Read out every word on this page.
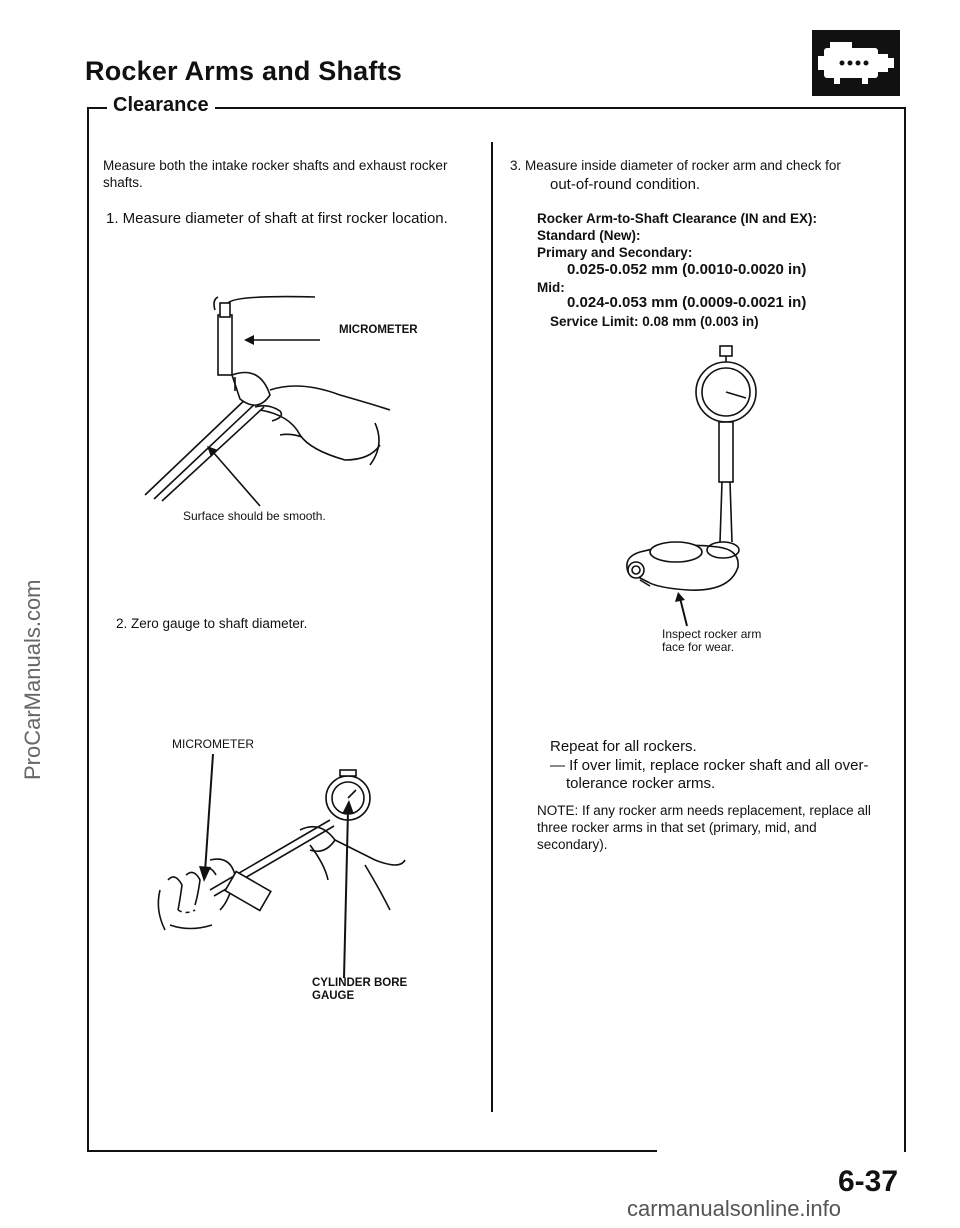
Rocker Arms and Shafts
Clearance
Measure both the intake rocker shafts and exhaust rocker shafts.
1. Measure diameter of shaft at first rocker location.
MICROMETER
Surface should be smooth.
2. Zero gauge to shaft diameter.
MICROMETER
CYLINDER BORE
GAUGE
3. Measure inside diameter of rocker arm and check for
out-of-round condition.
Rocker Arm-to-Shaft Clearance (IN and EX):
Standard (New):
Primary and Secondary:
0.025-0.052 mm (0.0010-0.0020 in)
Mid:
0.024-0.053 mm (0.0009-0.0021 in)
Service Limit: 0.08 mm (0.003 in)
Inspect rocker arm
face for wear.
Repeat for all rockers.
— If over limit, replace rocker shaft and all over-
tolerance rocker arms.
NOTE: If any rocker arm needs replacement, replace all three rocker arms in that set (primary, mid, and secondary).
6-37
ProCarManuals.com
carmanualsonline.info
